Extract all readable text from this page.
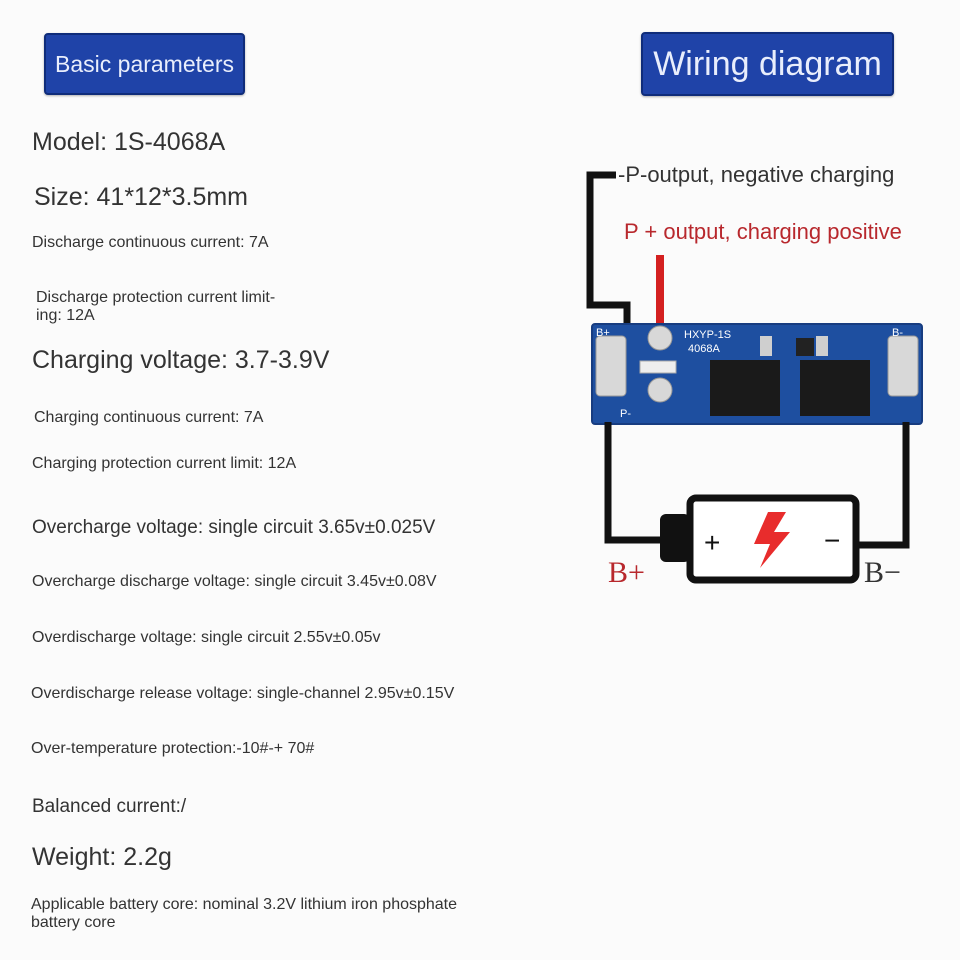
Basic parameters	Wiring diagram
Model: 1S-4068A
Size: 41*12*3.5mm
Discharge continuous current: 7A
Discharge protection current limit-ing: 12A
Charging voltage: 3.7-3.9V
Charging continuous current: 7A
Charging protection current limit: 12A
Overcharge voltage: single circuit 3.65v±0.025V
Overcharge discharge voltage: single circuit 3.45v±0.08V
Overdischarge voltage: single circuit 2.55v±0.05v
Overdischarge release voltage: single-channel 2.95v±0.15V
Over-temperature protection:-10#-+ 70#
Balanced current:/
Weight: 2.2g
Applicable battery core: nominal 3.2V lithium iron phosphate battery core
-P-output, negative charging
P + output, charging positive
B+
P-
B-
HXYP-1S
4068A
+	−
B+	B−
